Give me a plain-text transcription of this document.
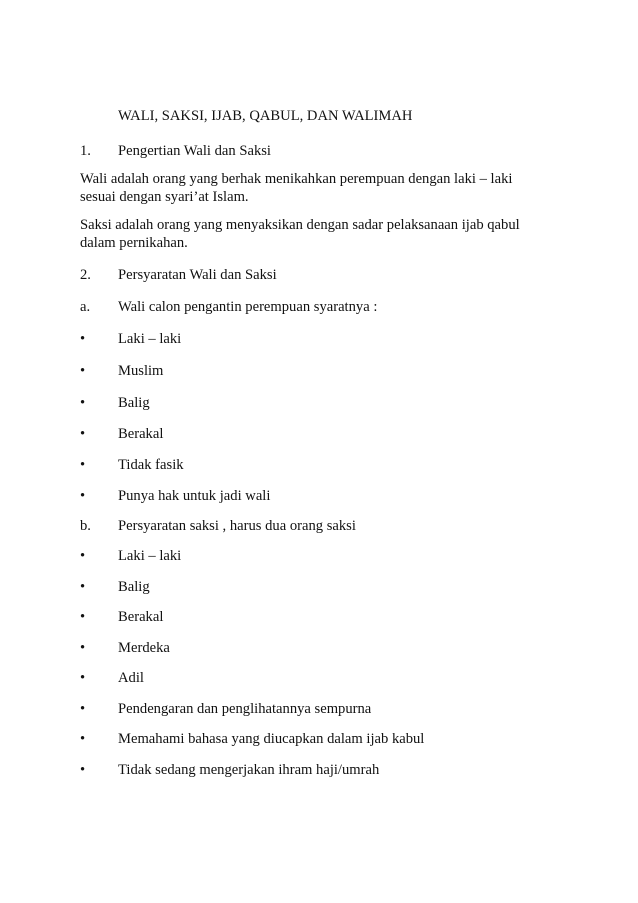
WALI, SAKSI, IJAB, QABUL, DAN WALIMAH
1. Pengertian Wali dan Saksi
Wali adalah orang yang berhak menikahkan perempuan dengan laki – laki
sesuai dengan syari’at Islam.
Saksi adalah orang yang menyaksikan dengan sadar pelaksanaan ijab qabul
dalam pernikahan.
2. Persyaratan Wali dan Saksi
a. Wali calon pengantin perempuan syaratnya :
• Laki – laki
• Muslim
• Balig
• Berakal
• Tidak fasik
• Punya hak untuk jadi wali
b. Persyaratan saksi , harus dua orang saksi
• Laki – laki
• Balig
• Berakal
• Merdeka
• Adil
• Pendengaran dan penglihatannya sempurna
• Memahami bahasa yang diucapkan dalam ijab kabul
• Tidak sedang mengerjakan ihram haji/umrah
